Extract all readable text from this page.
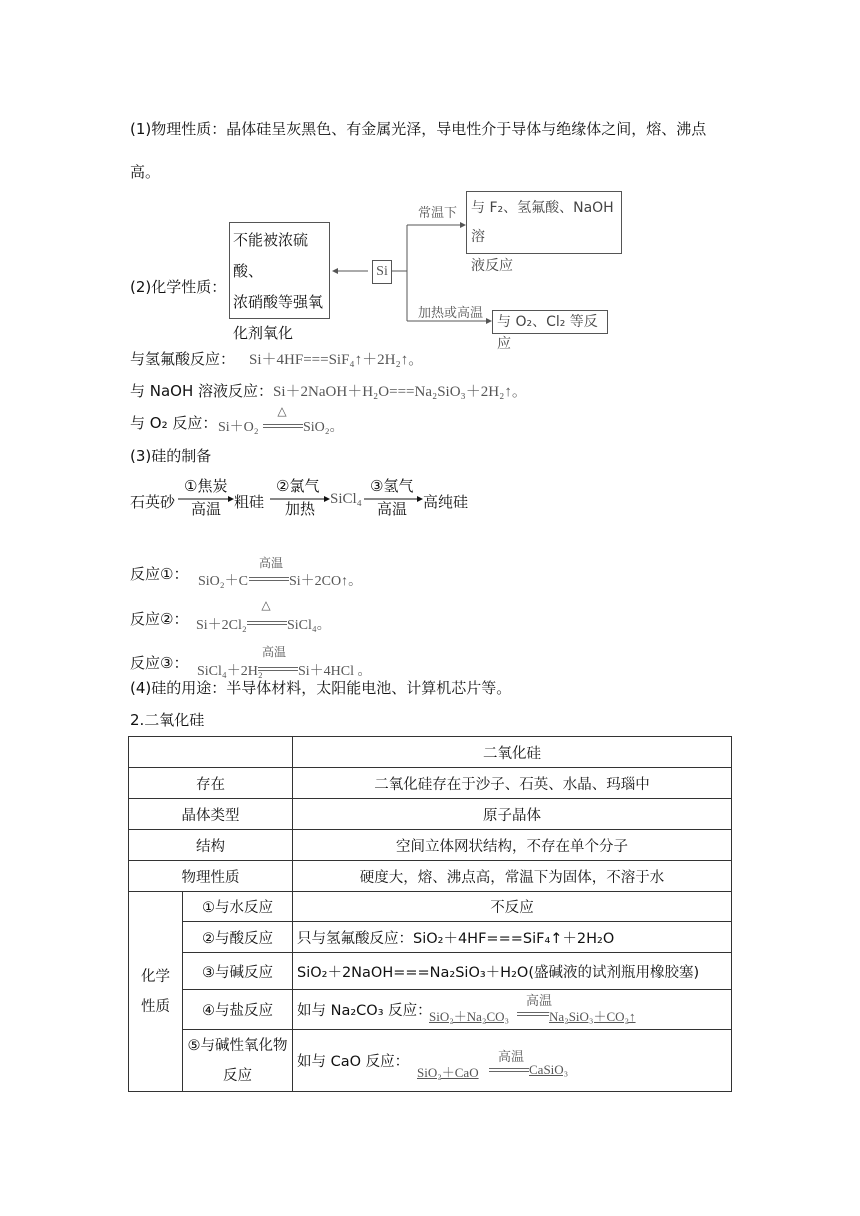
(1)物理性质：晶体硅呈灰黑色、有金属光泽，导电性介于导体与绝缘体之间，熔、沸点
高。
(2)化学性质：
不能被浓硫酸、
浓硝酸等强氧
化剂氧化
Si
常温下 与 F₂、氢氟酸、NaOH 溶
液反应
加热或高温
与 O₂、Cl₂ 等反应
与氢氟酸反应： Si＋4HF===SiF₄↑＋2H₂↑。
与 NaOH 溶液反应：Si＋2NaOH＋H₂O===Na₂SiO₃＋2H₂↑。
与 O₂ 反应： Si＋O₂
△
SiO₂。
(3)硅的制备
石英砂
①焦炭
高温 粗硅
②氯气
加热
SiCl₄
③氢气
高温 高纯硅
反应①： SiO₂＋C
高温
Si＋2CO↑。
反应②： Si＋2Cl₂
△
SiCl₄。
反应③： SiCl₄＋2H₂
高温
Si＋4HCl 。
(4)硅的用途：半导体材料，太阳能电池、计算机芯片等。
2.二氧化硅
		二氧化硅
存在		二氧化硅存在于沙子、石英、水晶、玛瑙中
晶体类型		原子晶体
结构		空间立体网状结构，不存在单个分子
物理性质		硬度大，熔、沸点高，常温下为固体，不溶于水
化学性质	①与水反应	不反应
	②与酸反应	只与氢氟酸反应：SiO₂＋4HF===SiF₄↑＋2H₂O
	③与碱反应	SiO₂＋2NaOH===Na₂SiO₃＋H₂O(盛碱液的试剂瓶用橡胶塞)
	④与盐反应	如与 Na₂CO₃ 反应：
SiO₂＋Na₂CO₃
高温
Na₂SiO₃＋CO₂↑

	⑤与碱性氧化物反应	如与 CaO 反应：
SiO₂＋CaO
高温
CaSiO₃
